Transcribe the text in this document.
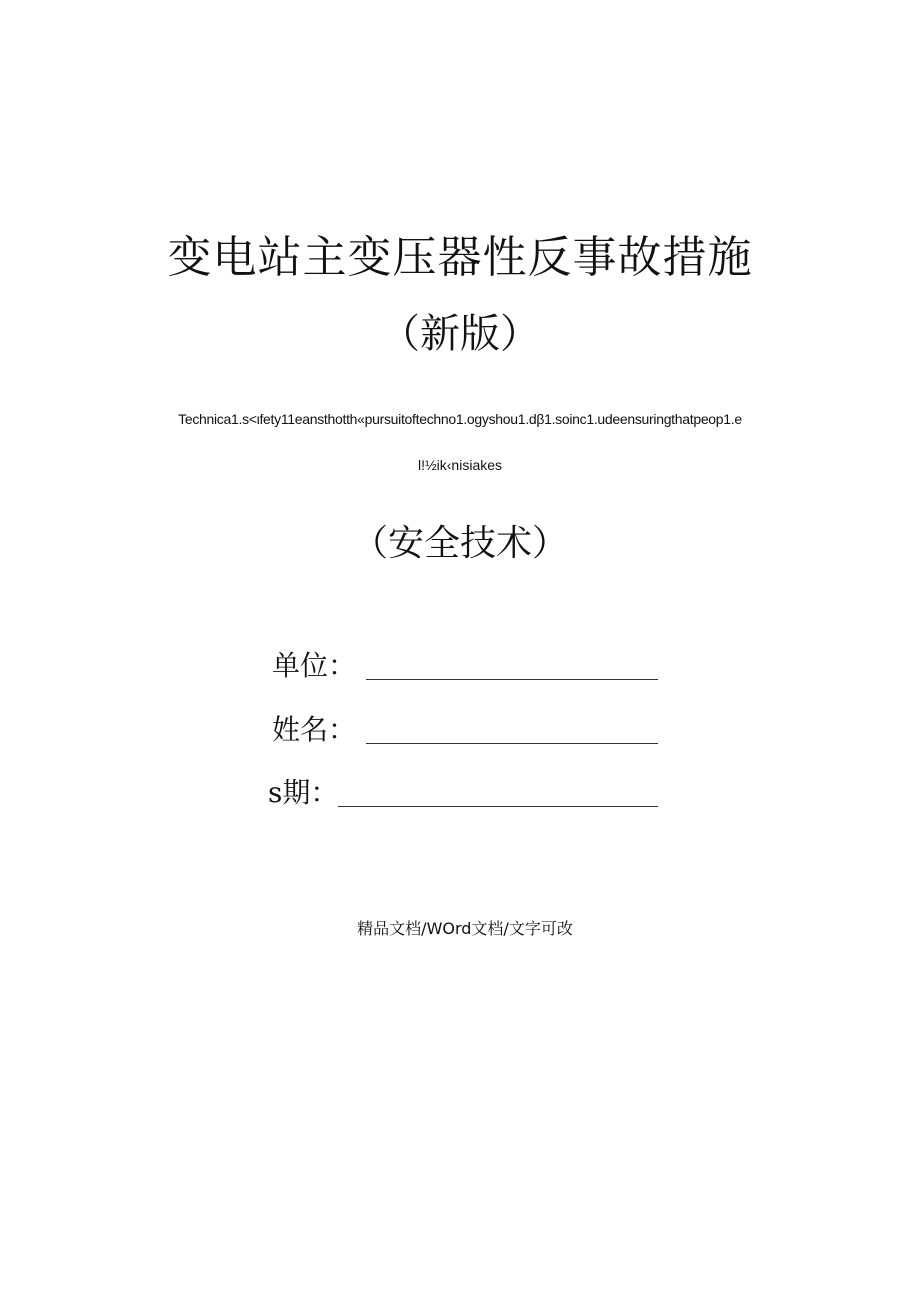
变电站主变压器性反事故措施
（新版）
Technica1.s<ιfety11eansthotth«pursuitoftechno1.ogyshou1.dβ1.soinc1.udeensuringthatpeop1.e
l!½ik‹nisiakes
（安全技术）
单位：
姓名：
s期：
精品文档/WOrd文档/文字可改
